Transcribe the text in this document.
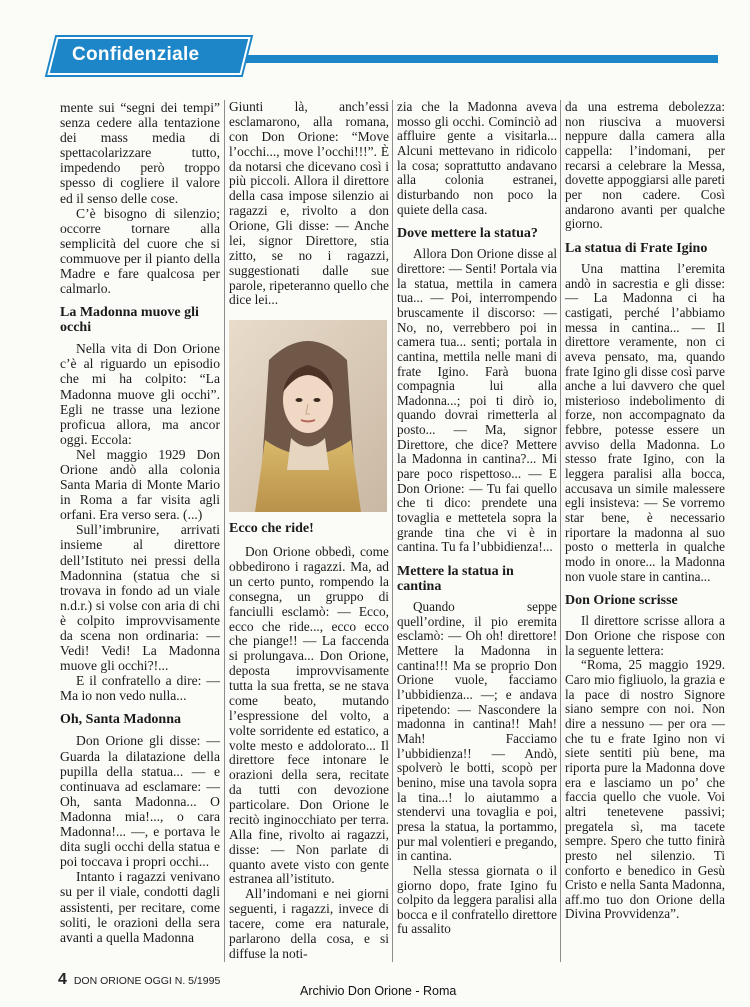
Confidenziale

mente sui “segni dei tempi” senza cedere alla tentazione dei mass media di spettacolarizzare tutto, impedendo però troppo spesso di cogliere il valore ed il senso delle cose.

C’è bisogno di silenzio; occorre tornare alla semplicità del cuore che si commuove per il pianto della Madre e fare qualcosa per calmarlo.

La Madonna muove gli occhi

Nella vita di Don Orione c’è al riguardo un episodio che mi ha colpito: “La Madonna muove gli occhi”. Egli ne trasse una lezione proficua allora, ma ancor oggi. Eccola:

Nel maggio 1929 Don Orione andò alla colonia Santa Maria di Monte Mario in Roma a far visita agli orfani. Era verso sera. (...)

Sull’imbrunire, arrivati insieme al direttore dell’Istituto nei pressi della Madonnina (statua che si trovava in fondo ad un viale n.d.r.) si volse con aria di chi è colpito improvvisamente da scena non ordinaria: — Vedi! Vedi! La Madonna muove gli occhi?!...

E il confratello a dire: — Ma io non vedo nulla...

Oh, Santa Madonna

Don Orione gli disse: — Guarda la dilatazione della pupilla della statua... — e continuava ad esclamare: — Oh, santa Madonna... O Madonna mia!..., o cara Madonna!... —, e portava le dita sugli occhi della statua e poi toccava i propri occhi...

Intanto i ragazzi venivano su per il viale, condotti dagli assistenti, per recitare, come soliti, le orazioni della sera avanti a quella Madonna

Giunti là, anch’essi esclamarono, alla romana, con Don Orione: “Move l’occhi..., move l’occhi!!!”. È da notarsi che dicevano così i più piccoli. Allora il direttore della casa impose silenzio ai ragazzi e, rivolto a don Orione, Gli disse: — Anche lei, signor Direttore, stia zitto, se no i ragazzi, suggestionati dalle sue parole, ripeteranno quello che dice lei...

Ecco che ride!

Don Orione obbedì, come obbedirono i ragazzi. Ma, ad un certo punto, rompendo la consegna, un gruppo di fanciulli esclamò: — Ecco, ecco che ride..., ecco ecco che piange!! — La faccenda si prolungava... Don Orione, deposta improvvisamente tutta la sua fretta, se ne stava come beato, mutando l’espressione del volto, a volte sorridente ed estatico, a volte mesto e addolorato... Il direttore fece intonare le orazioni della sera, recitate da tutti con devozione particolare. Don Orione le recitò inginocchiato per terra. Alla fine, rivolto ai ragazzi, disse: — Non parlate di quanto avete visto con gente estranea all’istituto.

All’indomani e nei giorni seguenti, i ragazzi, invece di tacere, come era naturale, parlarono della cosa, e si diffuse la noti-

zia che la Madonna aveva mosso gli occhi. Cominciò ad affluire gente a visitarla... Alcuni mettevano in ridicolo la cosa; soprattutto andavano alla colonia estranei, disturbando non poco la quiete della casa.

Dove mettere la statua?

Allora Don Orione disse al direttore: — Senti! Portala via la statua, mettila in camera tua... — Poi, interrompendo bruscamente il discorso: — No, no, verrebbero poi in camera tua... senti; portala in cantina, mettila nelle mani di frate Igino. Farà buona compagnia lui alla Madonna...; poi ti dirò io, quando dovrai rimetterla al posto... — Ma, signor Direttore, che dice? Mettere la Madonna in cantina?... Mi pare poco rispettoso... — E Don Orione: — Tu fai quello che ti dico: prendete una tovaglia e mettetela sopra la grande tina che vi è in cantina. Tu fa l’ubbidienza!...

Mettere la statua in cantina

Quando seppe quell’ordine, il pio eremita esclamò: — Oh oh! direttore! Mettere la Madonna in cantina!!! Ma se proprio Don Orione vuole, facciamo l’ubbidienza... —; e andava ripetendo: — Nascondere la madonna in cantina!! Mah! Mah! Facciamo l’ubbidienza!! — Andò, spolverò le botti, scopò per benino, mise una tavola sopra la tina...! lo aiutammo a stendervi una tovaglia e poi, presa la statua, la portammo, pur mal volentieri e pregando, in cantina.

Nella stessa giornata o il giorno dopo, frate Igino fu colpito da leggera paralisi alla bocca e il confratello direttore fu assalito

da una estrema debolezza: non riusciva a muoversi neppure dalla camera alla cappella: l’indomani, per recarsi a celebrare la Messa, dovette appoggiarsi alle pareti per non cadere. Così andarono avanti per qualche giorno.

La statua di Frate Igino

Una mattina l’eremita andò in sacrestia e gli disse: — La Madonna ci ha castigati, perché l’abbiamo messa in cantina... — Il direttore veramente, non ci aveva pensato, ma, quando frate Igino gli disse così parve anche a lui davvero che quel misterioso indebolimento di forze, non accompagnato da febbre, potesse essere un avviso della Madonna. Lo stesso frate Igino, con la leggera paralisi alla bocca, accusava un simile malessere egli insisteva: — Se vorremo star bene, è necessario riportare la madonna al suo posto o metterla in qualche modo in onore... la Madonna non vuole stare in cantina...

Don Orione scrisse

Il direttore scrisse allora a Don Orione che rispose con la seguente lettera:

“Roma, 25 maggio 1929. Caro mio figliuolo, la grazia e la pace di nostro Signore siano sempre con noi. Non dire a nessuno — per ora — che tu e frate Igino non vi siete sentiti più bene, ma riporta pure la Madonna dove era e lasciamo un po’ che faccia quello che vuole. Voi altri tenetevene passivi; pregatela sì, ma tacete sempre. Spero che tutto finirà presto nel silenzio. Ti conforto e benedico in Gesù Cristo e nella Santa Madonna, aff.mo tuo don Orione della Divina Provvidenza”.

4 DON ORIONE OGGI N. 5/1995
Archivio Don Orione - Roma
